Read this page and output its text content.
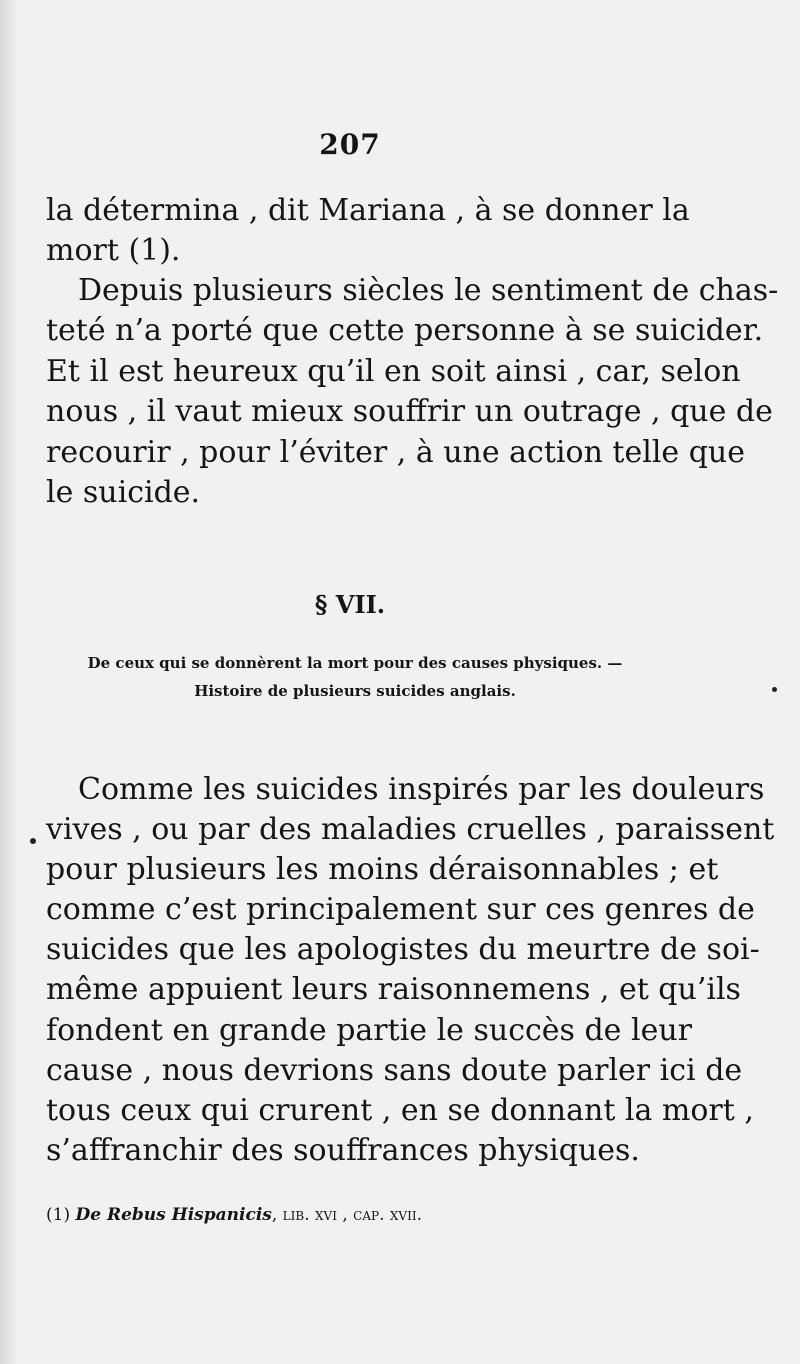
207
la détermina , dit Mariana , à se donner la
mort (1).
Depuis plusieurs siècles le sentiment de chas-
teté n’a porté que cette personne à se suicider.
Et il est heureux qu’il en soit ainsi , car, selon
nous , il vaut mieux souffrir un outrage , que de
recourir , pour l’éviter , à une action telle que
le suicide.
§ VII.
De ceux qui se donnèrent la mort pour des causes physiques. —
Histoire de plusieurs suicides anglais.
Comme les suicides inspirés par les douleurs
vives , ou par des maladies cruelles , paraissent
pour plusieurs les moins déraisonnables ; et
comme c’est principalement sur ces genres de
suicides que les apologistes du meurtre de soi-
même appuient leurs raisonnemens , et qu’ils
fondent en grande partie le succès de leur
cause , nous devrions sans doute parler ici de
tous ceux qui crurent , en se donnant la mort ,
s’affranchir des souffrances physiques.
(1) De Rebus Hispanicis, lib. xvi , cap. xvii.
